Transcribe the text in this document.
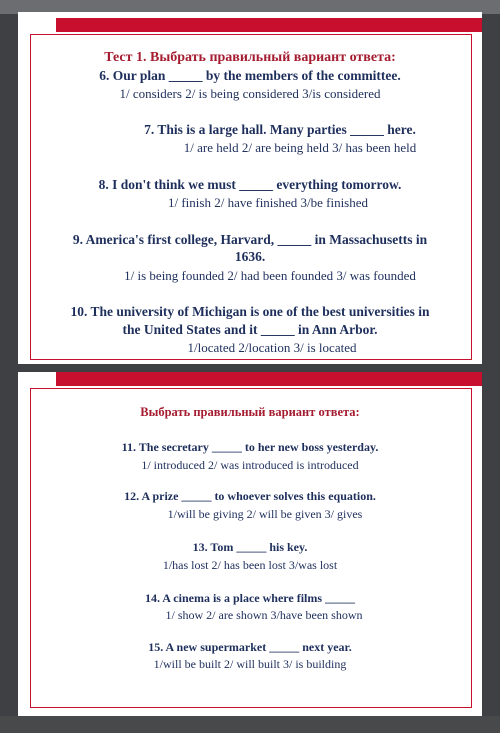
Тест 1. Выбрать правильный вариант ответа:
6. Our plan _____ by the members of the committee.
1/ considers 2/ is being considered 3/is considered
7. This is a large hall. Many parties _____ here.
1/ are held 2/ are being held 3/ has been held
8. I don't think we must _____ everything tomorrow.
1/ finish 2/ have finished 3/be finished
9. America's first college, Harvard, _____ in Massachusetts in
1636.
1/ is being founded 2/ had been founded 3/ was founded
10. The university of Michigan is one of the best universities in
the United States and it _____ in Ann Arbor.
1/located 2/location 3/ is located
Выбрать правильный вариант ответа:
11. The secretary _____ to her new boss yesterday.
1/ introduced 2/ was introduced is introduced
12. A prize _____ to whoever solves this equation.
1/will be giving 2/ will be given 3/ gives
13. Tom _____ his key.
1/has lost 2/ has been lost 3/was lost
14. A cinema is a place where films _____
1/ show 2/ are shown 3/have been shown
15. A new supermarket _____ next year.
1/will be built 2/ will built 3/ is building
